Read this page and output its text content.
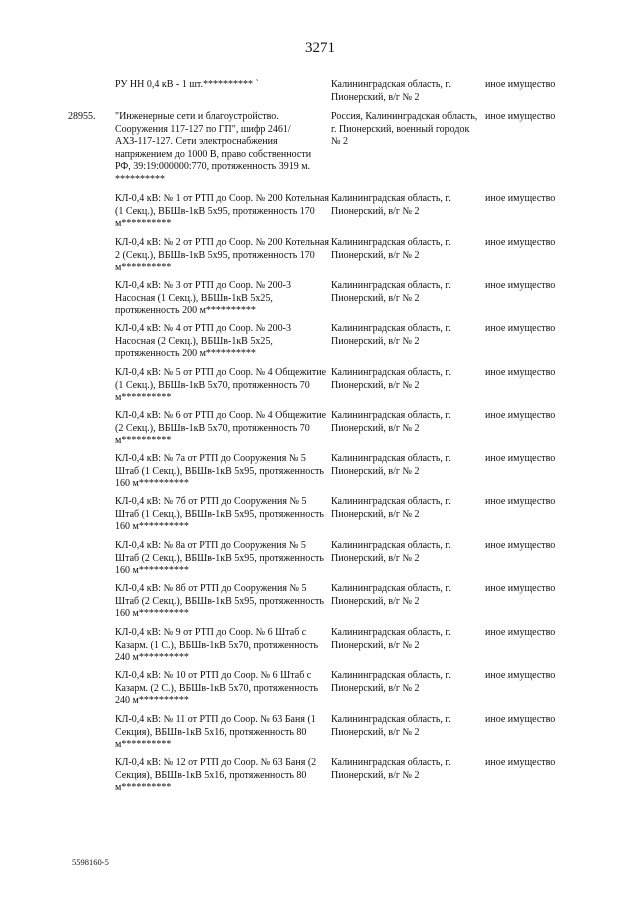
3271
РУ НН 0,4 кВ - 1 шт.********** `	Калининградская область, г. Пионерский, в/г № 2
иное имущество
28955.	"Инженерные сети и благоустройство. Сооружения 117-127 по ГП", шифр 2461/АХЗ-117-127. Сети электроснабжения напряжением до 1000 В, право собственности РФ, 39:19:000000:770, протяженность 3919 м. **********
Россия, Калининградская область, г. Пионерский, военный городок № 2
иное имущество
КЛ-0,4 кВ: № 1 от РТП до Соор. № 200 Котельная (1 Секц.), ВБШв-1кВ 5х95, протяженность 170 м**********
Калининградская область, г. Пионерский, в/г № 2
иное имущество
КЛ-0,4 кВ: № 2 от РТП до Соор. № 200 Котельная 2 (Секц.), ВБШв-1кВ 5х95, протяженность 170 м**********
Калининградская область, г. Пионерский, в/г № 2
иное имущество
КЛ-0,4 кВ: № 3 от РТП до Соор. № 200-3 Насосная (1 Секц.), ВБШв-1кВ 5х25, протяженность 200 м**********
Калининградская область, г. Пионерский, в/г № 2
иное имущество
КЛ-0,4 кВ: № 4 от РТП до Соор. № 200-3 Насосная (2 Секц.), ВБШв-1кВ 5х25, протяженность 200 м**********
Калининградская область, г. Пионерский, в/г № 2
иное имущество
КЛ-0,4 кВ: № 5 от РТП до Соор. № 4 Общежитие (1 Секц.), ВБШв-1кВ 5х70, протяженность 70 м**********
Калининградская область, г. Пионерский, в/г № 2
иное имущество
КЛ-0,4 кВ: № 6 от РТП до Соор. № 4 Общежитие (2 Секц.), ВБШв-1кВ 5х70, протяженность 70 м**********
Калининградская область, г. Пионерский, в/г № 2
иное имущество
КЛ-0,4 кВ: № 7а от РТП до Сооружения № 5 Штаб (1 Секц.), ВБШв-1кВ 5х95, протяженность 160 м**********
Калининградская область, г. Пионерский, в/г № 2
иное имущество
КЛ-0,4 кВ: № 7б от РТП до Сооружения № 5 Штаб (1 Секц.), ВБШв-1кВ 5х95, протяженность 160 м**********
Калининградская область, г. Пионерский, в/г № 2
иное имущество
КЛ-0,4 кВ: № 8а от РТП до Сооружения № 5 Штаб (2 Секц.), ВБШв-1кВ 5х95, протяженность 160 м**********
Калининградская область, г. Пионерский, в/г № 2
иное имущество
КЛ-0,4 кВ: № 8б от РТП до Сооружения № 5 Штаб (2 Секц.), ВБШв-1кВ 5х95, протяженность 160 м**********
Калининградская область, г. Пионерский, в/г № 2
иное имущество
КЛ-0,4 кВ: № 9 от РТП до Соор. № 6 Штаб с Казарм. (1 С.), ВБШв-1кВ 5х70, протяженность 240 м**********
Калининградская область, г. Пионерский, в/г № 2
иное имущество
КЛ-0,4 кВ: № 10 от РТП до Соор. № 6 Штаб с Казарм. (2 С.), ВБШв-1кВ 5х70, протяженность 240 м**********
Калининградская область, г. Пионерский, в/г № 2
иное имущество
КЛ-0,4 кВ: № 11 от РТП до Соор. № 63 Баня (1 Секция), ВБШв-1кВ 5х16, протяженность 80 м**********
Калининградская область, г. Пионерский, в/г № 2
иное имущество
КЛ-0,4 кВ: № 12 от РТП до Соор. № 63 Баня (2 Секция), ВБШв-1кВ 5х16, протяженность 80 м**********
Калининградская область, г. Пионерский, в/г № 2
иное имущество
5598160-5
